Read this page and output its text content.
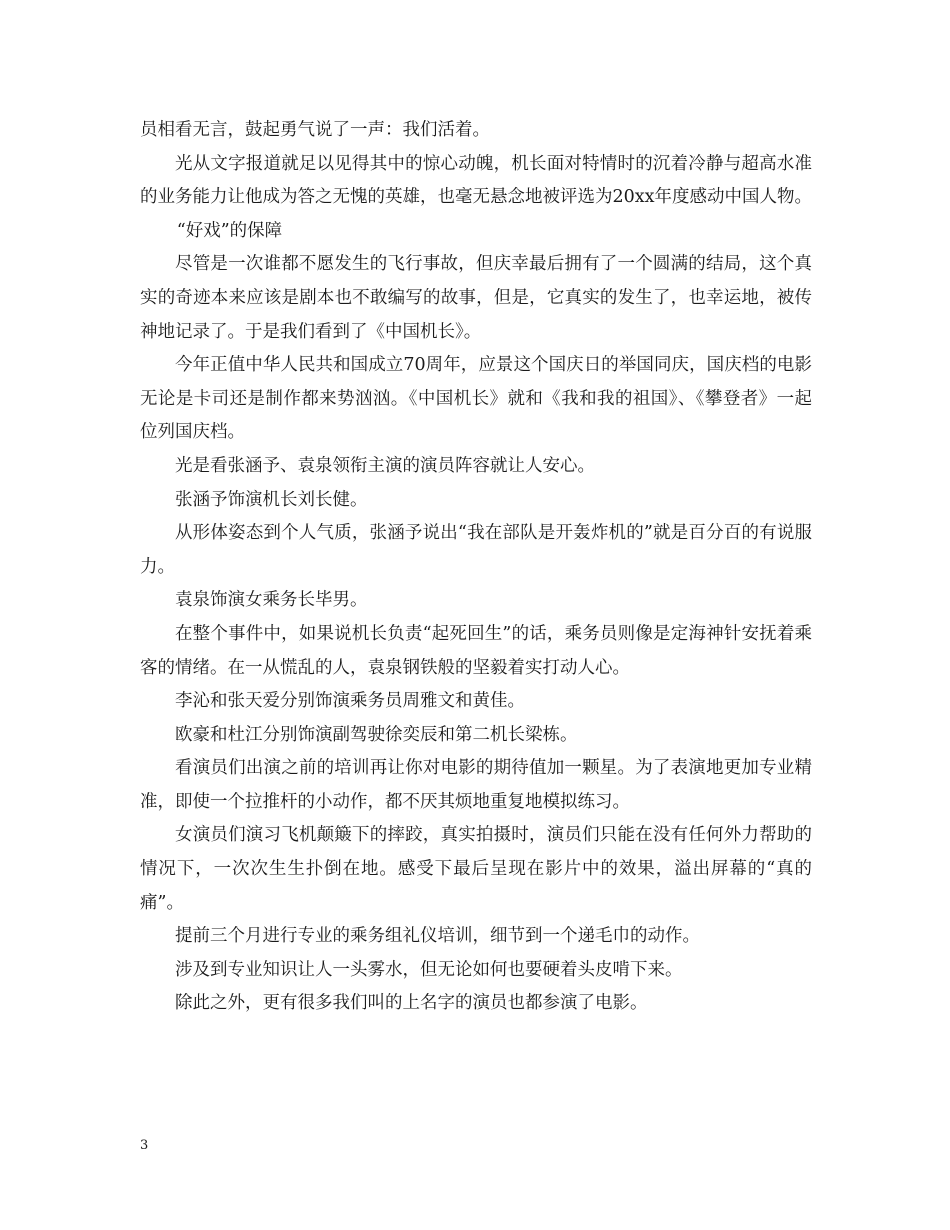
员相看无言，鼓起勇气说了一声：我们活着。

光从文字报道就足以见得其中的惊心动魄，机长面对特情时的沉着冷静与超高水准的业务能力让他成为答之无愧的英雄，也毫无悬念地被评选为20xx年度感动中国人物。

“好戏”的保障

尽管是一次谁都不愿发生的飞行事故，但庆幸最后拥有了一个圆满的结局，这个真实的奇迹本来应该是剧本也不敢编写的故事，但是，它真实的发生了，也幸运地，被传神地记录了。于是我们看到了《中国机长》。

今年正值中华人民共和国成立70周年，应景这个国庆日的举国同庆，国庆档的电影无论是卡司还是制作都来势汹汹。《中国机长》就和《我和我的祖国》、《攀登者》一起位列国庆档。

光是看张涵予、袁泉领衔主演的演员阵容就让人安心。

张涵予饰演机长刘长健。

从形体姿态到个人气质，张涵予说出“我在部队是开轰炸机的”就是百分百的有说服力。

袁泉饰演女乘务长毕男。

在整个事件中，如果说机长负责“起死回生”的话，乘务员则像是定海神针安抚着乘客的情绪。在一从慌乱的人，袁泉钢铁般的坚毅着实打动人心。

李沁和张天爱分别饰演乘务员周雅文和黄佳。

欧豪和杜江分别饰演副驾驶徐奕辰和第二机长梁栋。

看演员们出演之前的培训再让你对电影的期待值加一颗星。为了表演地更加专业精准，即使一个拉推杆的小动作，都不厌其烦地重复地模拟练习。

女演员们演习飞机颠簸下的摔跤，真实拍摄时，演员们只能在没有任何外力帮助的情况下，一次次生生扑倒在地。感受下最后呈现在影片中的效果，溢出屏幕的“真的痛”。

提前三个月进行专业的乘务组礼仪培训，细节到一个递毛巾的动作。

涉及到专业知识让人一头雾水，但无论如何也要硬着头皮啃下来。

除此之外，更有很多我们叫的上名字的演员也都参演了电影。

3
